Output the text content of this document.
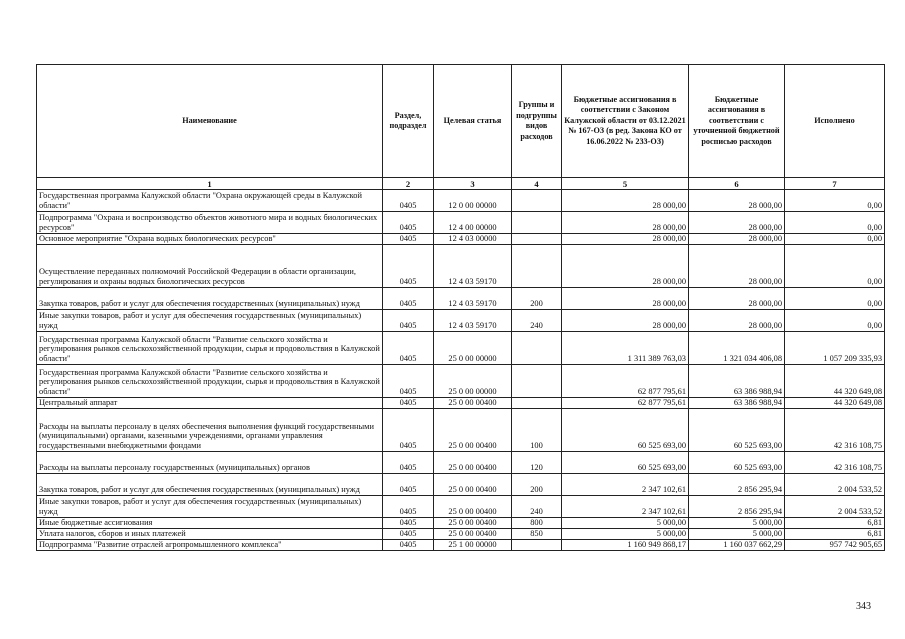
Наименование	Раздел, подраздел	Целевая статья	Группы и подгруппы видов расходов	Бюджетные ассигнования в соответствии с Законом Калужской области от 03.12.2021 № 167-ОЗ (в ред. Закона КО от 16.06.2022 № 233-ОЗ)	Бюджетные ассигнования в соответствии с уточненной бюджетной росписью расходов	Исполнено
1	2	3	4	5	6	7
Государственная программа Калужской области "Охрана окружающей среды в Калужской области"	0405	12 0 00 00000		28 000,00	28 000,00	0,00
Подпрограмма "Охрана и воспроизводство объектов животного мира и водных биологических ресурсов"	0405	12 4 00 00000		28 000,00	28 000,00	0,00
Основное мероприятие "Охрана водных биологических ресурсов"	0405	12 4 03 00000		28 000,00	28 000,00	0,00
Осуществление переданных полномочий Российской Федерации в области организации, регулирования и охраны водных биологических ресурсов	0405	12 4 03 59170		28 000,00	28 000,00	0,00
Закупка товаров, работ и услуг для обеспечения государственных (муниципальных) нужд	0405	12 4 03 59170	200	28 000,00	28 000,00	0,00
Иные закупки товаров, работ и услуг для обеспечения государственных (муниципальных) нужд	0405	12 4 03 59170	240	28 000,00	28 000,00	0,00
Государственная программа Калужской области "Развитие сельского хозяйства и регулирования рынков сельскохозяйственной продукции, сырья и продовольствия в Калужской области"	0405	25 0 00 00000		1 311 389 763,03	1 321 034 406,08	1 057 209 335,93
Государственная программа Калужской области "Развитие сельского хозяйства и регулирования рынков сельскохозяйственной продукции, сырья и продовольствия в Калужской области"	0405	25 0 00 00000		62 877 795,61	63 386 988,94	44 320 649,08
Центральный аппарат	0405	25 0 00 00400		62 877 795,61	63 386 988,94	44 320 649,08
Расходы на выплаты персоналу в целях обеспечения выполнения функций государственными (муниципальными) органами, казенными учреждениями, органами управления государственными внебюджетными фондами	0405	25 0 00 00400	100	60 525 693,00	60 525 693,00	42 316 108,75
Расходы на выплаты персоналу государственных (муниципальных) органов	0405	25 0 00 00400	120	60 525 693,00	60 525 693,00	42 316 108,75
Закупка товаров, работ и услуг для обеспечения государственных (муниципальных) нужд	0405	25 0 00 00400	200	2 347 102,61	2 856 295,94	2 004 533,52
Иные закупки товаров, работ и услуг для обеспечения государственных (муниципальных) нужд	0405	25 0 00 00400	240	2 347 102,61	2 856 295,94	2 004 533,52
Иные бюджетные ассигнования	0405	25 0 00 00400	800	5 000,00	5 000,00	6,81
Уплата налогов, сборов и иных платежей	0405	25 0 00 00400	850	5 000,00	5 000,00	6,81
Подпрограмма "Развитие отраслей агропромышленного комплекса"	0405	25 1 00 00000		1 160 949 868,17	1 160 037 662,29	957 742 905,65
343
